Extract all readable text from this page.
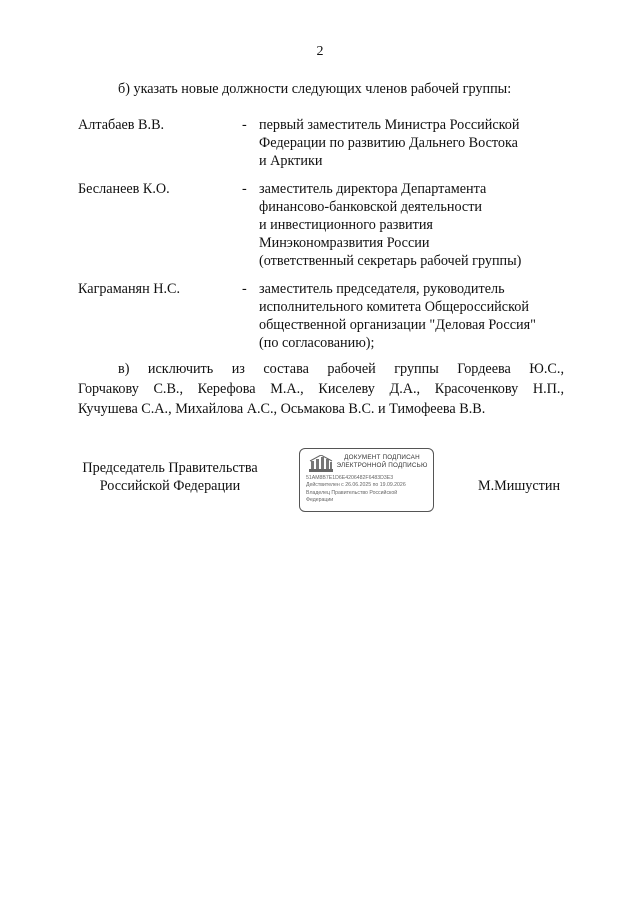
2

б) указать новые должности следующих членов рабочей группы:

Алтабаев В.В.	- первый заместитель Министра Российской
Федерации по развитию Дальнего Востока
и Арктики
Бесланеев К.О.	- заместитель директора Департамента
финансово-банковской деятельности
и инвестиционного развития
Минэкономразвития России
(ответственный секретарь рабочей группы)
Каграманян Н.С.	- заместитель председателя, руководитель
исполнительного комитета Общероссийской
общественной организации "Деловая Россия"
(по согласованию);
в) исключить из состава рабочей группы Гордеева Ю.С.,
Горчакову С.В., Керефова М.А., Киселеву Д.А., Красоченкову Н.П.,
Кучушева С.А., Михайлова А.С., Осьмакова В.С. и Тимофеева В.В.
Председатель Правительства
Российской Федерации
ДОКУМЕНТ ПОДПИСАН
ЭЛЕКТРОННОЙ ПОДПИСЬЮ
51AM8B7E1D6E4206482F6483D3E3
Действителен с 26.06.2025 по 19.09.2026
Владелец Правительство Российской
Федерации
М.Мишустин
